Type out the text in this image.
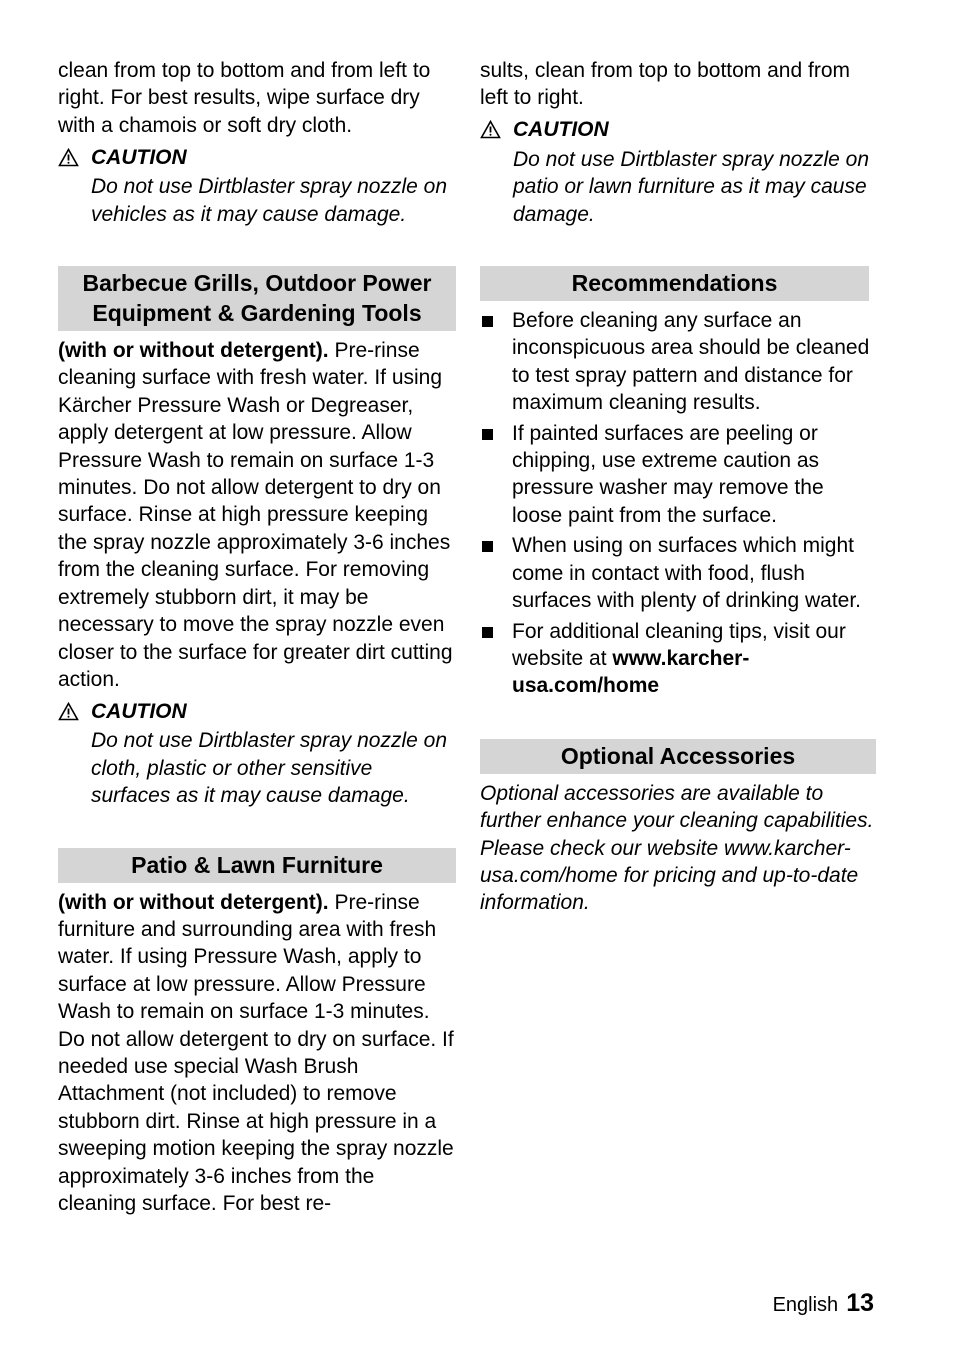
clean from top to bottom and from left to right. For best results, wipe surface dry with a chamois or soft dry cloth.

CAUTION

Do not use Dirtblaster spray nozzle on vehicles as it may cause damage.

Barbecue Grills, Outdoor Power
Equipment & Gardening Tools

(with or without detergent). Pre-rinse cleaning surface with fresh water. If using Kärcher Pressure Wash or Degreaser, apply detergent at low pressure. Allow Pressure Wash to remain on surface 1-3 minutes. Do not allow detergent to dry on surface. Rinse at high pressure keeping the spray nozzle approximately 3-6 inches from the cleaning surface. For removing extremely stubborn dirt, it may be necessary to move the spray nozzle even closer to the surface for greater dirt cutting action.

CAUTION

Do not use Dirtblaster spray nozzle on cloth, plastic or other sensitive surfaces as it may cause damage.

Patio & Lawn Furniture

(with or without detergent). Pre-rinse furniture and surrounding area with fresh water. If using Pressure Wash, apply to surface at low pressure. Allow Pressure Wash to remain on surface 1-3 minutes. Do not allow detergent to dry on surface. If needed use special Wash Brush Attachment (not included) to remove stubborn dirt. Rinse at high pressure in a sweeping motion keeping the spray nozzle approximately 3-6 inches from the cleaning surface. For best re-

sults, clean from top to bottom and from left to right.

CAUTION

Do not use Dirtblaster spray nozzle on patio or lawn furniture as it may cause damage.

Recommendations
Before cleaning any surface an inconspicuous area should be cleaned to test spray pattern and distance for maximum cleaning results.
If painted surfaces are peeling or chipping, use extreme caution as pressure washer may remove the loose paint from the surface.
When using on surfaces which might come in contact with food, flush surfaces with plenty of drinking water.
For additional cleaning tips, visit our website at www.karcher-usa.com/home
Optional Accessories

Optional accessories are available to further enhance your cleaning capabilities. Please check our website www.karcher-usa.com/home for pricing and up-to-date information.

English 13
